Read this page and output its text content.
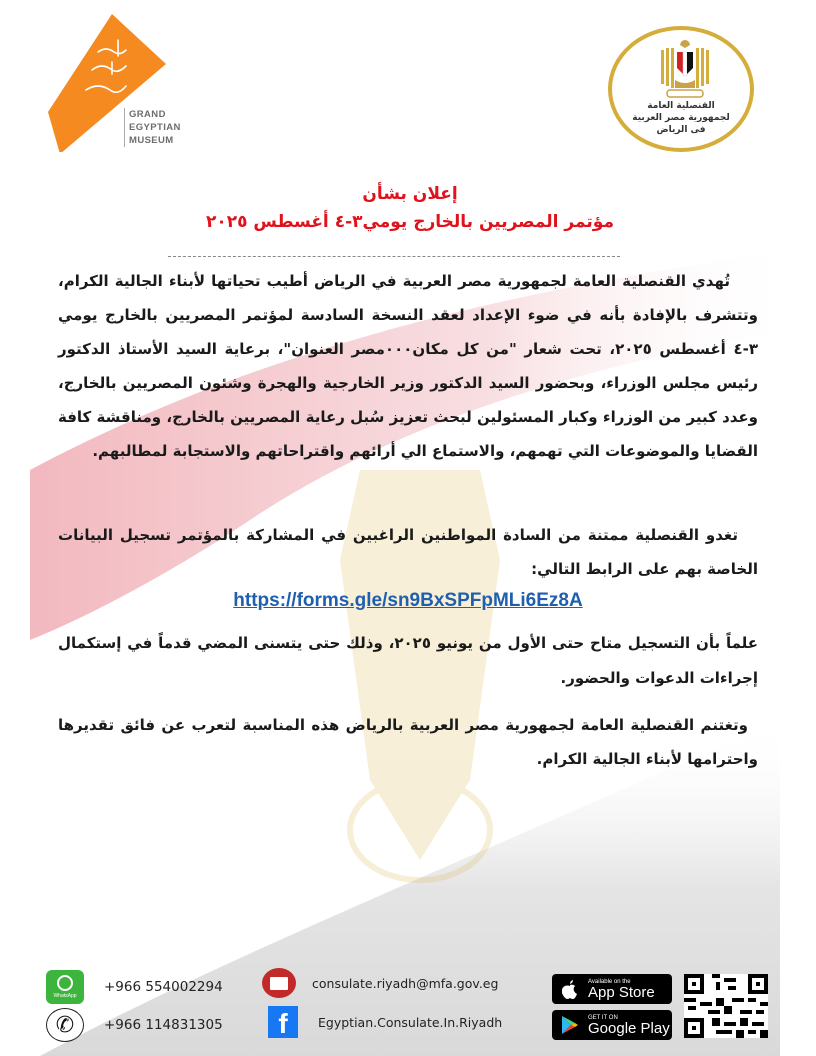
GRAND
EGYPTIAN
MUSEUM
القنصلية العامة
لجمهورية مصر العربية
فى الرياض
إعلان بشأن
مؤتمر المصريين بالخارج يومي٣-٤ أغسطس ٢٠٢٥

تُهدي القنصلية العامة لجمهورية مصر العربية في الرياض أطيب تحياتها لأبناء الجالية الكرام، وتتشرف بالإفادة بأنه في ضوء الإعداد لعقد النسخة السادسة لمؤتمر المصريين بالخارج يومي ٣-٤ أغسطس ٢٠٢٥، تحت شعار "من كل مكان٠٠٠مصر العنوان"، برعاية السيد الأستاذ الدكتور رئيس مجلس الوزراء، وبحضور السيد الدكتور وزير الخارجية والهجرة وشئون المصريين بالخارج، وعدد كبير من الوزراء وكبار المسئولين لبحث تعزيز سُبل رعاية المصريين بالخارج، ومناقشة كافة القضايا والموضوعات التي تهمهم، والاستماع الي أرائهم واقتراحاتهم والاستجابة لمطالبهم.

تغدو القنصلية ممتنة من السادة المواطنين الراغبين في المشاركة بالمؤتمر تسجيل البيانات الخاصة بهم على الرابط التالي:

https://forms.gle/sn9BxSPFpMLi6Ez8A

علماً بأن التسجيل متاح حتى الأول من يونيو ٢٠٢٥، وذلك حتى يتسنى المضي قدماً في إستكمال إجراءات الدعوات والحضور.

وتغتنم القنصلية العامة لجمهورية مصر العربية بالرياض هذه المناسبة لتعرب عن فائق تقديرها واحترامها لأبناء الجالية الكرام.

WhatsApp
+966 554002294
✆	+966 114831305
consulate.riyadh@mfa.gov.eg
f	Egyptian.Consulate.In.Riyadh
Available on the
App Store
GET IT ON
Google Play
